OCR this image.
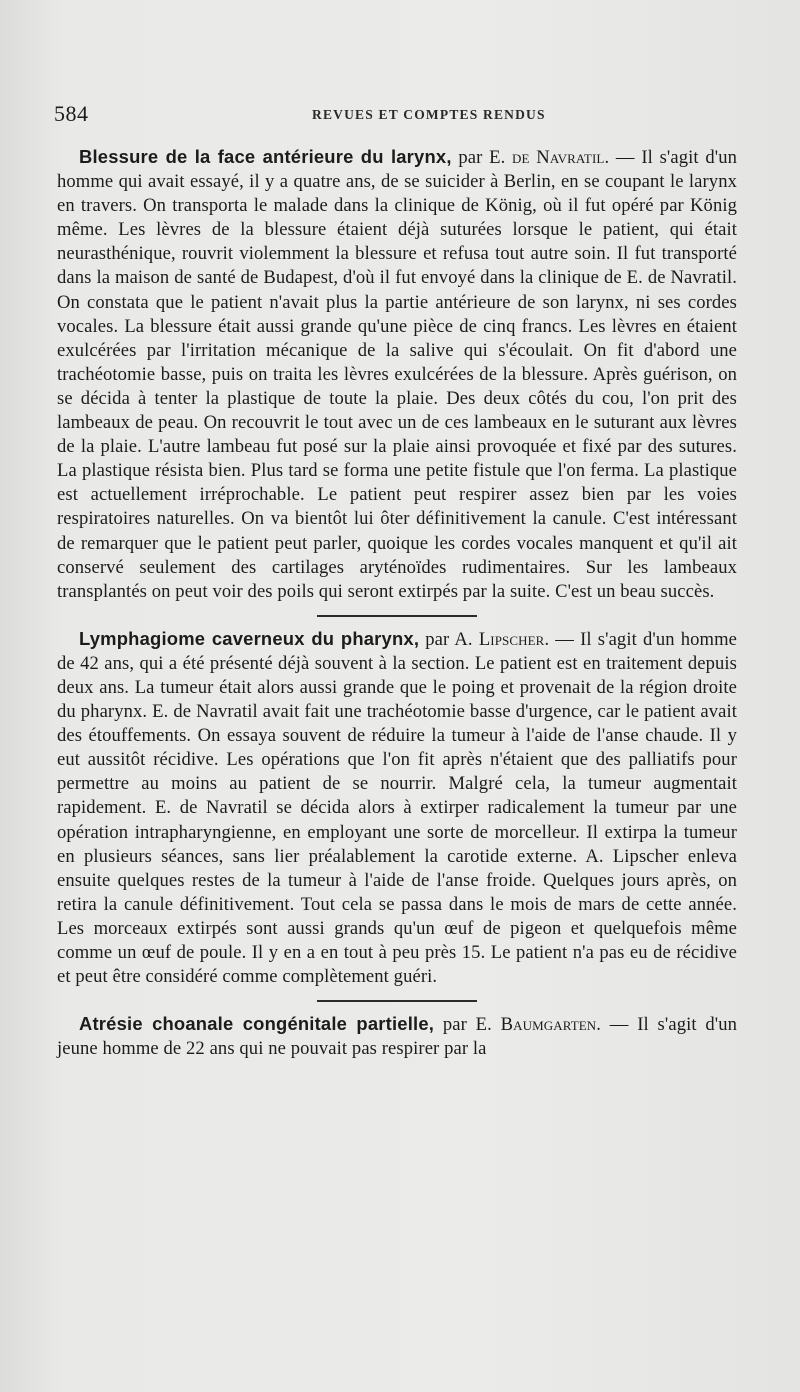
584	REVUES ET COMPTES RENDUS

Blessure de la face antérieure du larynx, par E. de Navratil. — Il s'agit d'un homme qui avait essayé, il y a quatre ans, de se suicider à Berlin, en se coupant le larynx en travers. On transporta le malade dans la clinique de König, où il fut opéré par König même. Les lèvres de la blessure étaient déjà suturées lorsque le patient, qui était neurasthénique, rouvrit violemment la blessure et refusa tout autre soin. Il fut transporté dans la maison de santé de Budapest, d'où il fut envoyé dans la clinique de E. de Navratil. On constata que le patient n'avait plus la partie antérieure de son larynx, ni ses cordes vocales. La blessure était aussi grande qu'une pièce de cinq francs. Les lèvres en étaient exulcérées par l'irritation mécanique de la salive qui s'écoulait. On fit d'abord une trachéotomie basse, puis on traita les lèvres exulcérées de la blessure. Après guérison, on se décida à tenter la plastique de toute la plaie. Des deux côtés du cou, l'on prit des lambeaux de peau. On recouvrit le tout avec un de ces lambeaux en le suturant aux lèvres de la plaie. L'autre lambeau fut posé sur la plaie ainsi provoquée et fixé par des sutures. La plastique résista bien. Plus tard se forma une petite fistule que l'on ferma. La plastique est actuellement irréprochable. Le patient peut respirer assez bien par les voies respiratoires naturelles. On va bientôt lui ôter définitivement la canule. C'est intéressant de remarquer que le patient peut parler, quoique les cordes vocales manquent et qu'il ait conservé seulement des cartilages aryténoïdes rudimentaires. Sur les lambeaux transplantés on peut voir des poils qui seront extirpés par la suite. C'est un beau succès.

Lymphagiome caverneux du pharynx, par A. Lipscher. — Il s'agit d'un homme de 42 ans, qui a été présenté déjà souvent à la section. Le patient est en traitement depuis deux ans. La tumeur était alors aussi grande que le poing et provenait de la région droite du pharynx. E. de Navratil avait fait une trachéotomie basse d'urgence, car le patient avait des étouffements. On essaya souvent de réduire la tumeur à l'aide de l'anse chaude. Il y eut aussitôt récidive. Les opérations que l'on fit après n'étaient que des palliatifs pour permettre au moins au patient de se nourrir. Malgré cela, la tumeur augmentait rapidement. E. de Navratil se décida alors à extirper radicalement la tumeur par une opération intrapharyngienne, en employant une sorte de morcelleur. Il extirpa la tumeur en plusieurs séances, sans lier préalablement la carotide externe. A. Lipscher enleva ensuite quelques restes de la tumeur à l'aide de l'anse froide. Quelques jours après, on retira la canule définitivement. Tout cela se passa dans le mois de mars de cette année. Les morceaux extirpés sont aussi grands qu'un œuf de pigeon et quelquefois même comme un œuf de poule. Il y en a en tout à peu près 15. Le patient n'a pas eu de récidive et peut être considéré comme complètement guéri.

Atrésie choanale congénitale partielle, par E. Baumgarten. — Il s'agit d'un jeune homme de 22 ans qui ne pouvait pas respirer par la
